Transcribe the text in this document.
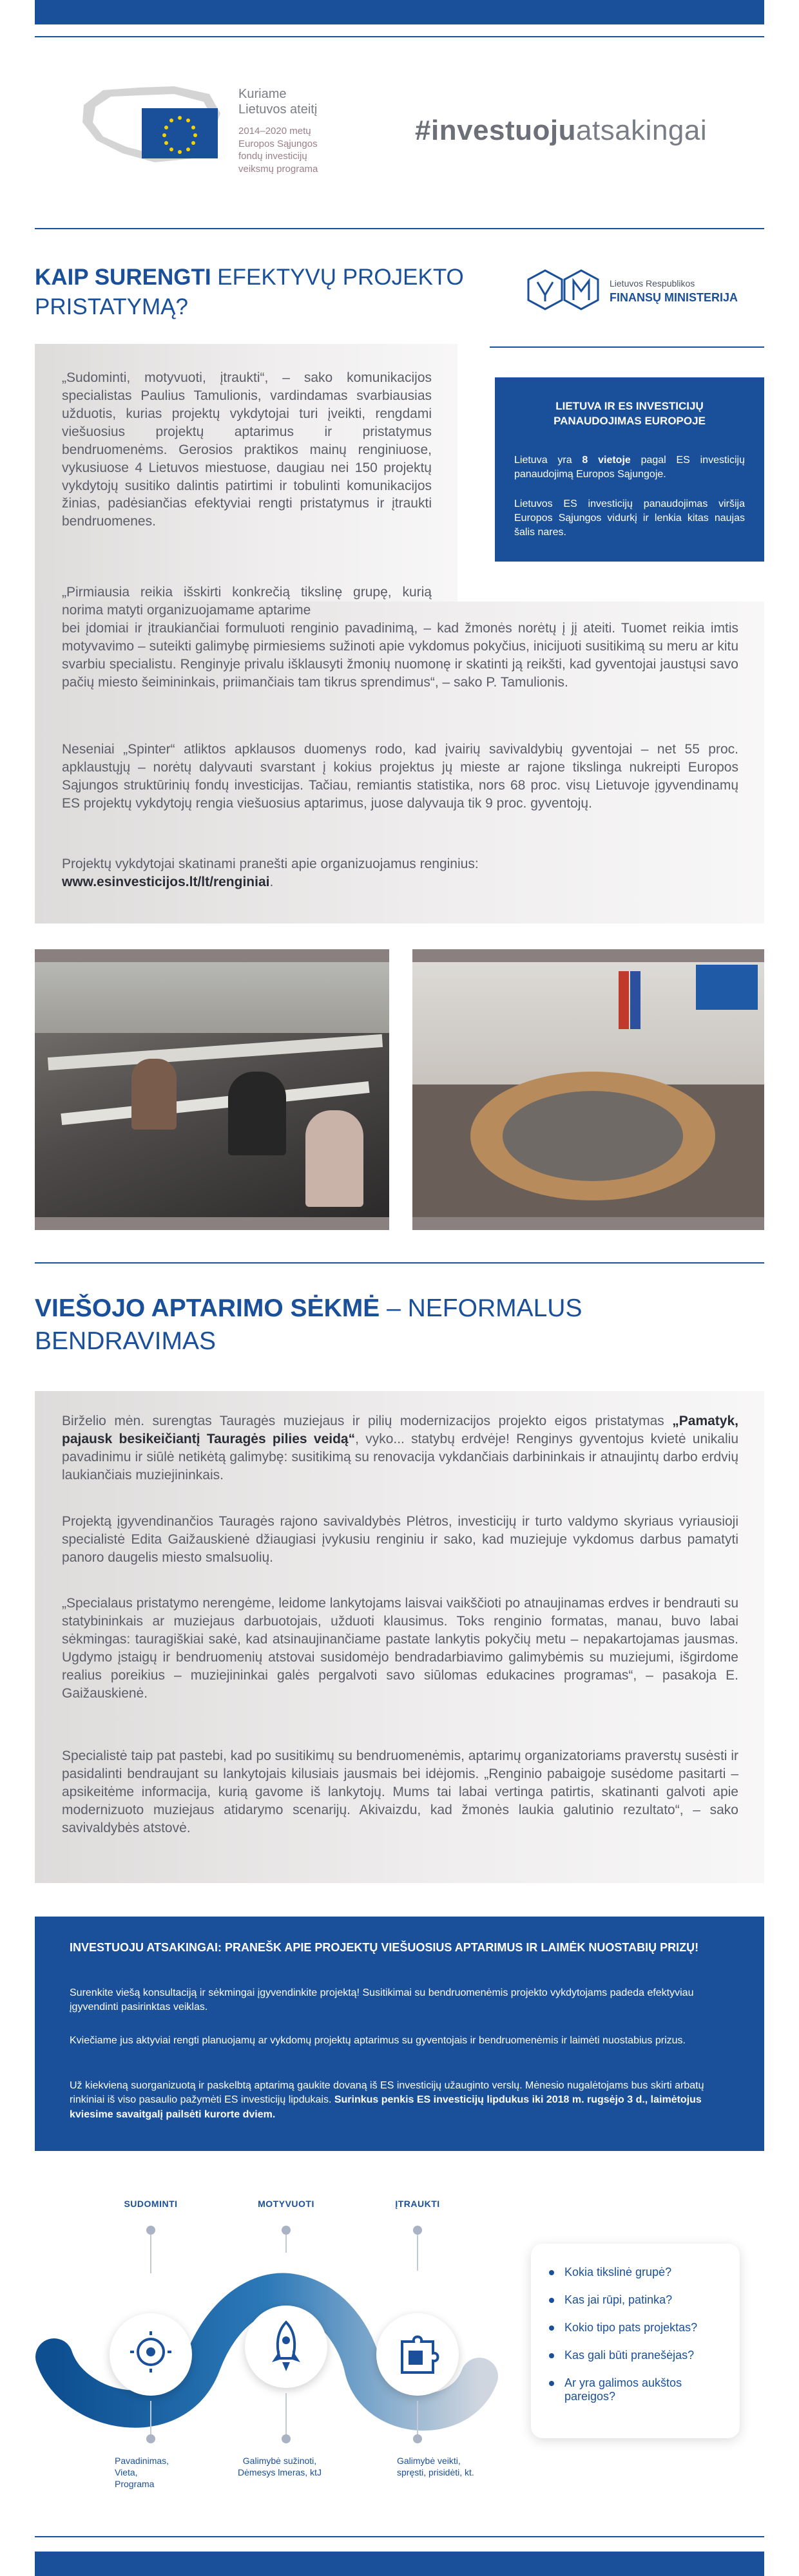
Kuriame
Lietuvos ateitį
2014–2020 metų
Europos Sąjungos
fondų investicijų
veiksmų programa
#investuojuatsakingai
KAIP SURENGTI EFEKTYVŲ PROJEKTO PRISTATYMĄ?
Lietuvos Respublikos
FINANSŲ MINISTERIJA
„Sudominti, motyvuoti, įtraukti“, – sako komunikacijos specialistas Paulius Tamulionis, vardindamas svarbiausias užduotis, kurias projektų vykdytojai turi įveikti, rengdami viešuosius projektų aptarimus ir pristatymus bendruomenėms. Gerosios praktikos mainų renginiuose, vykusiuose 4 Lietuvos miestuose, daugiau nei 150 projektų vykdytojų susitiko dalintis patirtimi ir tobulinti komunikacijos žinias, padėsiančias efektyviai rengti pristatymus ir įtraukti bendruomenes.
„Pirmiausia reikia išskirti konkrečią tikslinę grupę, kurią norima matyti organizuojamame aptarime
bei įdomiai ir įtraukiančiai formuluoti renginio pavadinimą, – kad žmonės norėtų į jį ateiti. Tuomet reikia imtis motyvavimo – suteikti galimybę pirmiesiems sužinoti apie vykdomus pokyčius, inicijuoti susitikimą su meru ar kitu svarbiu specialistu. Renginyje privalu išklausyti žmonių nuomonę ir skatinti ją reikšti, kad gyventojai jaustųsi savo pačių miesto šeimininkais, priimančiais tam tikrus sprendimus“, – sako P. Tamulionis.
Neseniai „Spinter“ atliktos apklausos duomenys rodo, kad įvairių savivaldybių gyventojai – net 55 proc. apklaustųjų – norėtų dalyvauti svarstant į kokius projektus jų mieste ar rajone tikslinga nukreipti Europos Sąjungos struktūrinių fondų investicijas. Tačiau, remiantis statistika, nors 68 proc. visų Lietuvoje įgyvendinamų ES projektų vykdytojų rengia viešuosius aptarimus, juose dalyvauja tik 9 proc. gyventojų.
Projektų vykdytojai skatinami pranešti apie organizuojamus renginius:
www.esinvesticijos.lt/lt/renginiai.
LIETUVA IR ES INVESTICIJŲ PANAUDOJIMAS EUROPOJE
Lietuva yra 8 vietoje pagal ES investicijų panaudojimą Europos Sąjungoje.
Lietuvos ES investicijų panaudojimas viršija Europos Sąjungos vidurkį ir lenkia kitas naujas šalis nares.
VIEŠOJO APTARIMO SĖKMĖ – NEFORMALUS BENDRAVIMAS
Birželio mėn. surengtas Tauragės muziejaus ir pilių modernizacijos projekto eigos pristatymas „Pamatyk, pajausk besikeičiantį Tauragės pilies veidą“, vyko... statybų erdvėje! Renginys gyventojus kvietė unikaliu pavadinimu ir siūlė netikėtą galimybę: susitikimą su renovacija vykdančiais darbininkais ir atnaujintų darbo erdvių laukiančiais muziejininkais.
Projektą įgyvendinančios Tauragės rajono savivaldybės Plėtros, investicijų ir turto valdymo skyriaus vyriausioji specialistė Edita Gaižauskienė džiaugiasi įvykusiu renginiu ir sako, kad muziejuje vykdomus darbus pamatyti panoro daugelis miesto smalsuolių.
„Specialaus pristatymo nerengėme, leidome lankytojams laisvai vaikščioti po atnaujinamas erdves ir bendrauti su statybininkais ar muziejaus darbuotojais, užduoti klausimus. Toks renginio formatas, manau, buvo labai sėkmingas: tauragiškiai sakė, kad atsinaujinančiame pastate lankytis pokyčių metu – nepakartojamas jausmas. Ugdymo įstaigų ir bendruomenių atstovai susidomėjo bendradarbiavimo galimybėmis su muziejumi, išgirdome realius poreikius – muziejininkai galės pergalvoti savo siūlomas edukacines programas“, – pasakoja E. Gaižauskienė.
Specialistė taip pat pastebi, kad po susitikimų su bendruomenėmis, aptarimų organizatoriams praverstų susėsti ir pasidalinti bendraujant su lankytojais kilusiais jausmais bei idėjomis. „Renginio pabaigoje susėdome pasitarti – apsikeitėme informacija, kurią gavome iš lankytojų. Mums tai labai vertinga patirtis, skatinanti galvoti apie modernizuoto muziejaus atidarymo scenarijų. Akivaizdu, kad žmonės laukia galutinio rezultato“, – sako savivaldybės atstovė.
INVESTUOJU ATSAKINGAI: PRANEŠK APIE PROJEKTŲ VIEŠUOSIUS APTARIMUS IR LAIMĖK NUOSTABIŲ PRIZŲ!
Surenkite viešą konsultaciją ir sėkmingai įgyvendinkite projektą! Susitikimai su bendruomenėmis projekto vykdytojams padeda efektyviau įgyvendinti pasirinktas veiklas.
Kviečiame jus aktyviai rengti planuojamų ar vykdomų projektų aptarimus su gyventojais ir bendruomenėmis ir laimėti nuostabius prizus.
Už kiekvieną suorganizuotą ir paskelbtą aptarimą gaukite dovaną iš ES investicijų užauginto verslų. Mėnesio nugalėtojams bus skirti arbatų rinkiniai iš viso pasaulio pažymėti ES investicijų lipdukais. Surinkus penkis ES investicijų lipdukus iki 2018 m. rugsėjo 3 d., laimėtojus kviesime savaitgalį pailsėti kurorte dviem.
SUDOMINTI	MOTYVUOTI	ĮTRAUKTI
Pavadinimas,
Vieta,
Programa
Galimybė sužinoti,
Dėmesys lmeras, ktJ
Galimybė veikti,
spręsti, prisidėti, kt.
Kokia tikslinė grupė?
Kas jai rūpi, patinka?
Kokio tipo pats projektas?
Kas gali būti pranešėjas?
Ar yra galimos aukštos pareigos?
